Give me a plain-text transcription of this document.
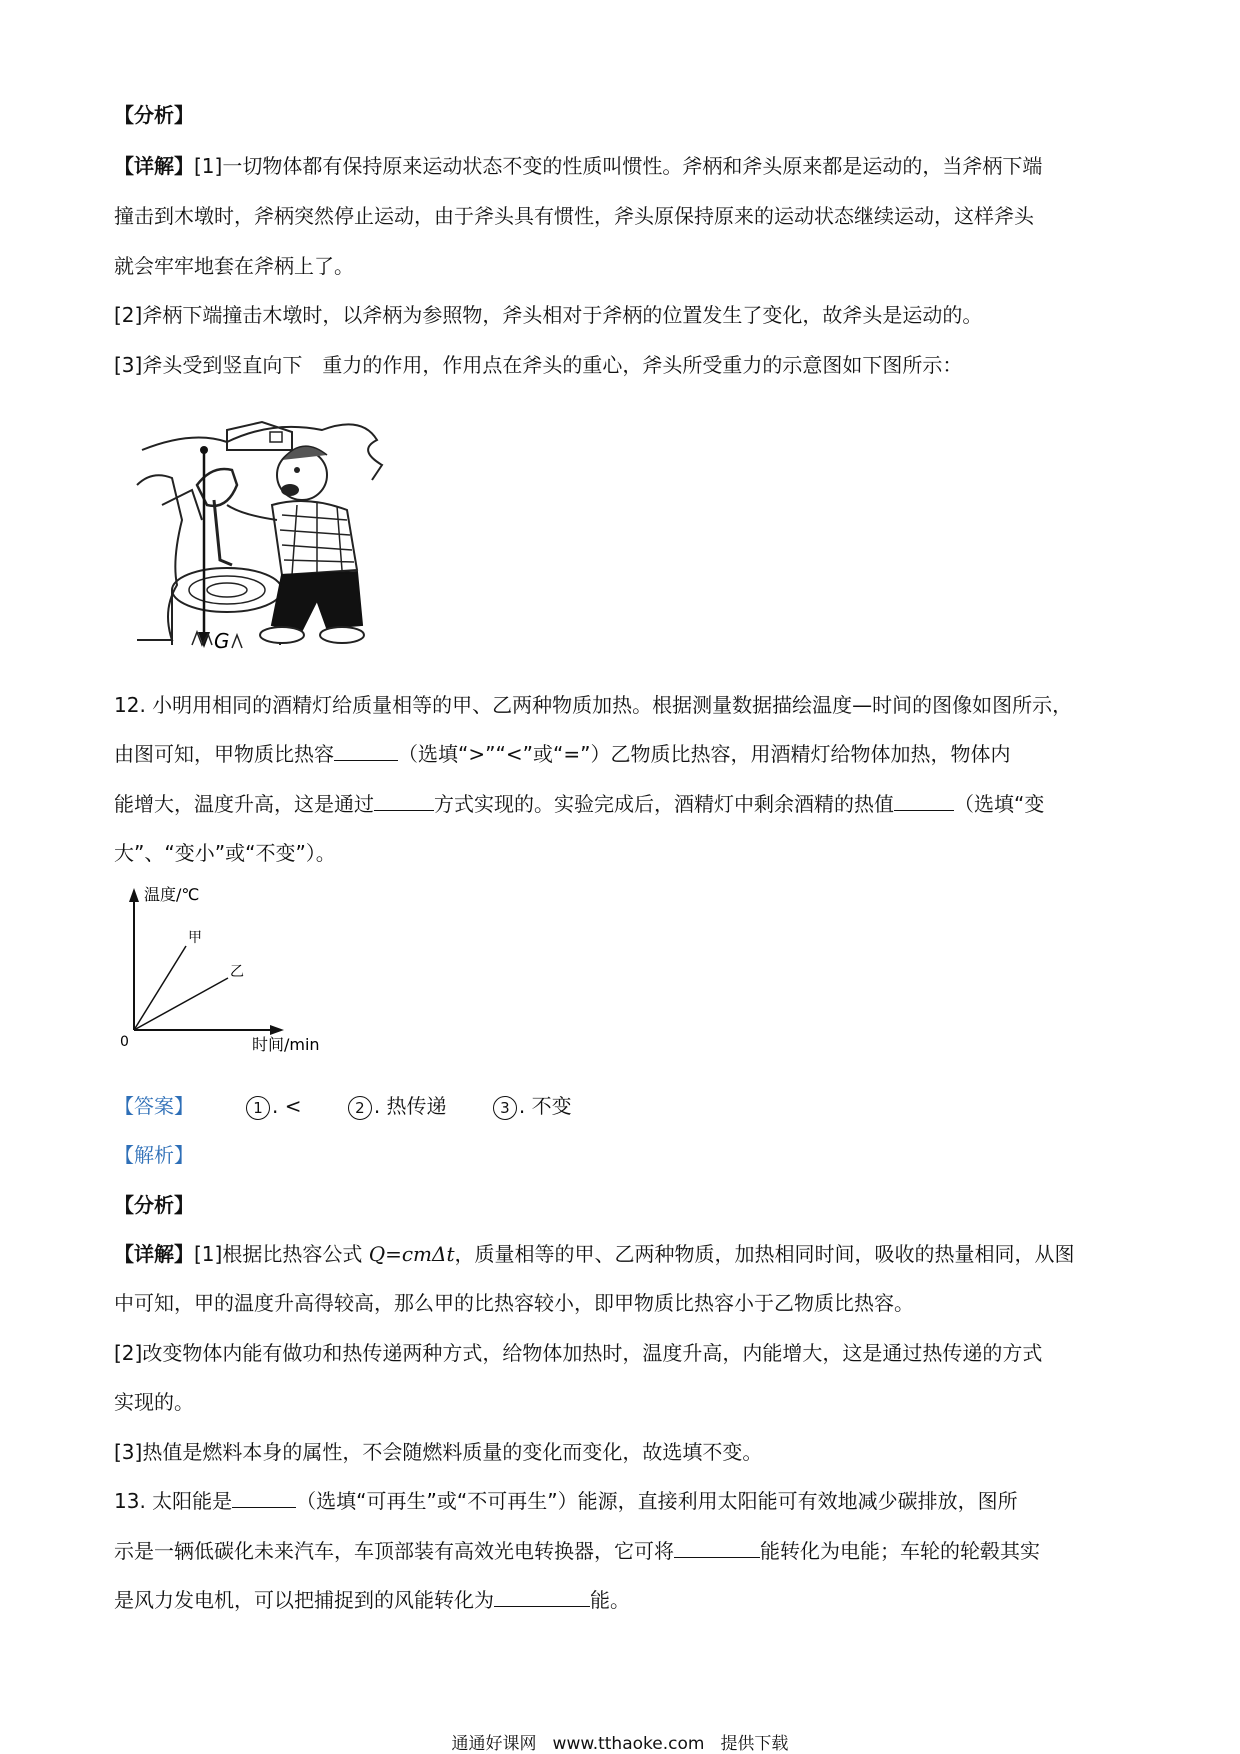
【分析】
【详解】[1]一切物体都有保持原来运动状态不变的性质叫惯性。斧柄和斧头原来都是运动的，当斧柄下端
撞击到木墩时，斧柄突然停止运动，由于斧头具有惯性，斧头原保持原来的运动状态继续运动，这样斧头
就会牢牢地套在斧柄上了。
[2]斧柄下端撞击木墩时，以斧柄为参照物，斧头相对于斧柄的位置发生了变化，故斧头是运动的。
[3]斧头受到竖直向下　重力的作用，作用点在斧头的重心，斧头所受重力的示意图如下图所示：
G
12. 小明用相同的酒精灯给质量相等的甲、乙两种物质加热。根据测量数据描绘温度—时间的图像如图所示，
由图可知，甲物质比热容	（选填“>”“<”或“=”）乙物质比热容，用酒精灯给物体加热，物体内
能增大，温度升高，这是通过	方式实现的。实验完成后，酒精灯中剩余酒精的热值	（选填“变
大”、“变小”或“不变”）。
温度/℃
时间/min
0
甲
乙
【答案】	1 . <	2 . 热传递	3 . 不变
【解析】
【分析】
【详解】[1]根据比热容公式 Q=cmΔt，质量相等的甲、乙两种物质，加热相同时间，吸收的热量相同，从图
中可知，甲的温度升高得较高，那么甲的比热容较小，即甲物质比热容小于乙物质比热容。
[2]改变物体内能有做功和热传递两种方式，给物体加热时，温度升高，内能增大，这是通过热传递的方式
实现的。
[3]热值是燃料本身的属性，不会随燃料质量的变化而变化，故选填不变。
13. 太阳能是	（选填“可再生”或“不可再生”）能源，直接利用太阳能可有效地减少碳排放，图所
示是一辆低碳化未来汽车，车顶部装有高效光电转换器，它可将	能转化为电能；车轮的轮毂其实
是风力发电机，可以把捕捉到的风能转化为	能。
通通好课网 www.tthaoke.com 提供下载
